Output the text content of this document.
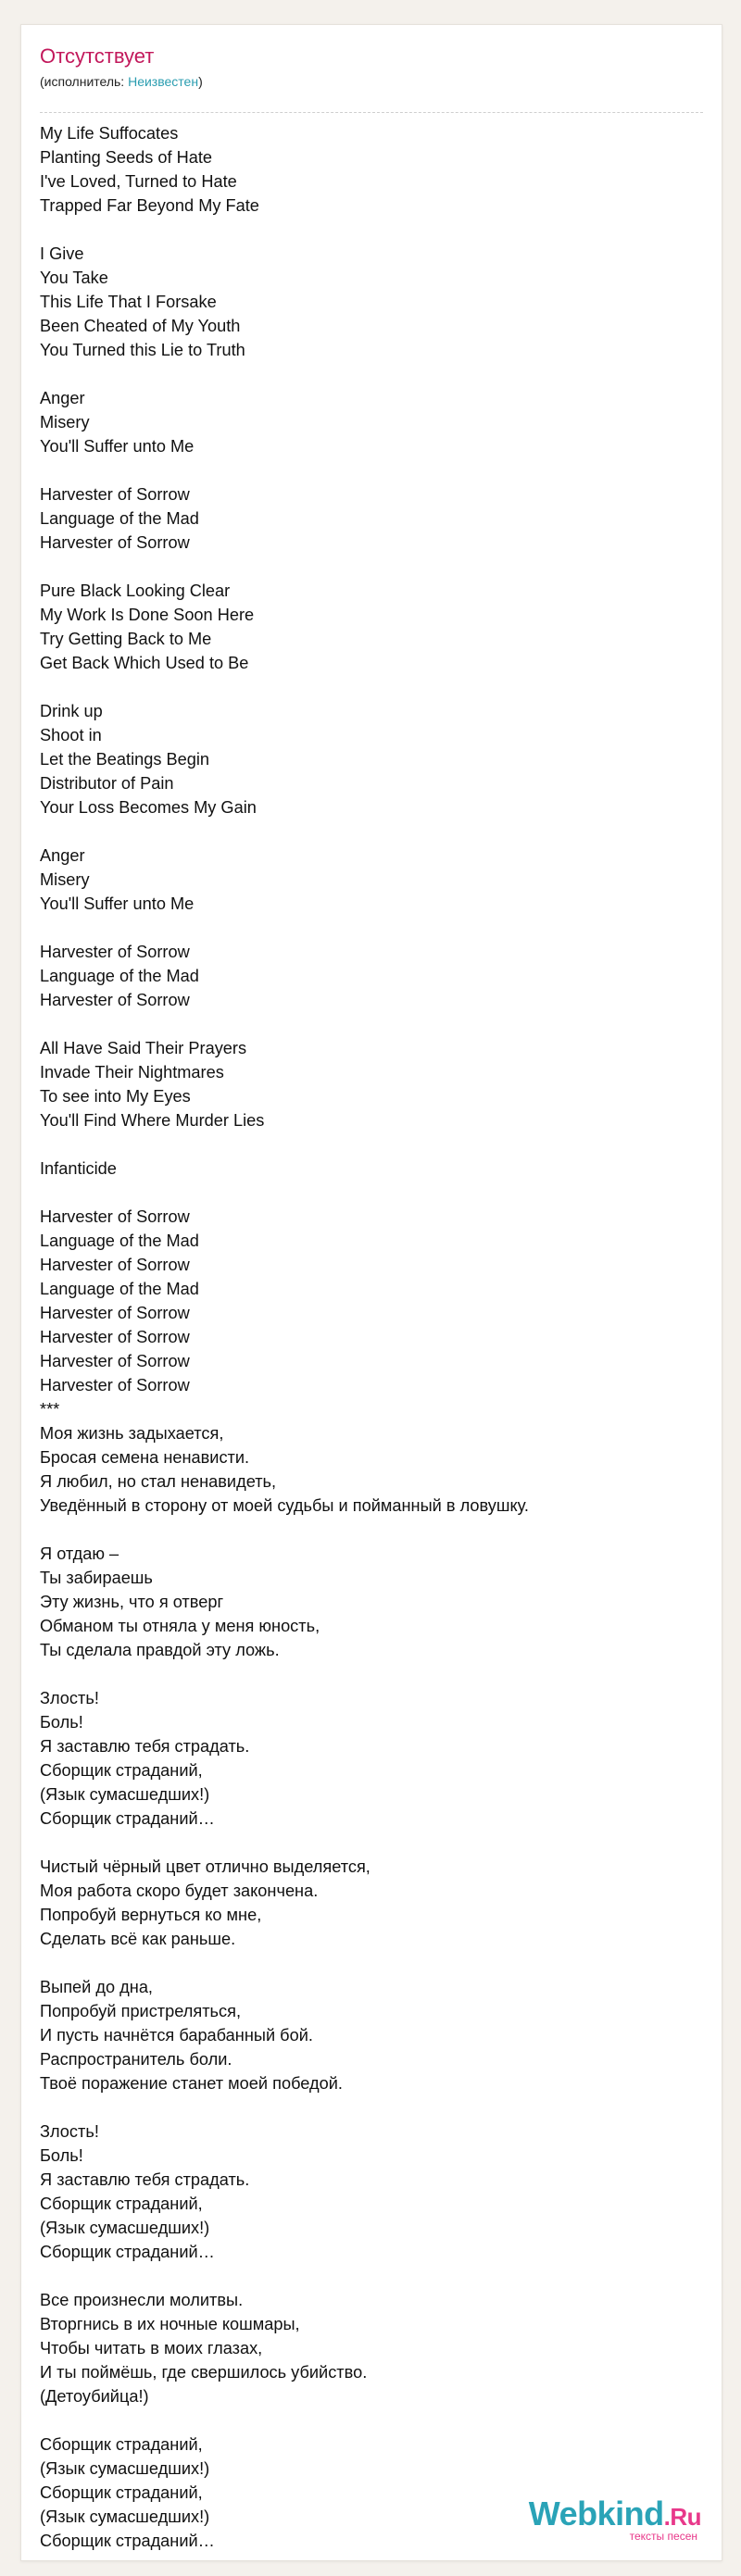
Отсутствует
(исполнитель: Неизвестен)
My Life Suffocates
Planting Seeds of Hate
I've Loved, Turned to Hate
Trapped Far Beyond My Fate
I Give
You Take
This Life That I Forsake
Been Cheated of My Youth
You Turned this Lie to Truth
Anger
Misery
You'll Suffer unto Me
Harvester of Sorrow
Language of the Mad
Harvester of Sorrow
Pure Black Looking Clear
My Work Is Done Soon Here
Try Getting Back to Me
Get Back Which Used to Be
Drink up
Shoot in
Let the Beatings Begin
Distributor of Pain
Your Loss Becomes My Gain
Anger
Misery
You'll Suffer unto Me
Harvester of Sorrow
Language of the Mad
Harvester of Sorrow
All Have Said Their Prayers
Invade Their Nightmares
To see into My Eyes
You'll Find Where Murder Lies
Infanticide
Harvester of Sorrow
Language of the Mad
Harvester of Sorrow
Language of the Mad
Harvester of Sorrow
Harvester of Sorrow
Harvester of Sorrow
Harvester of Sorrow
***
Моя жизнь задыхается,
Бросая семена ненависти.
Я любил, но стал ненавидеть,
Уведённый в сторону от моей судьбы и пойманный в ловушку.
Я отдаю –
Ты забираешь
Эту жизнь, что я отверг
Обманом ты отняла у меня юность,
Ты сделала правдой эту ложь.
Злость!
Боль!
Я заставлю тебя страдать.
Сборщик страданий,
(Язык сумасшедших!)
Сборщик страданий…
Чистый чёрный цвет отлично выделяется,
Моя работа скоро будет закончена.
Попробуй вернуться ко мне,
Сделать всё как раньше.
Выпей до дна,
Попробуй пристреляться,
И пусть начнётся барабанный бой.
Распространитель боли.
Твоё поражение станет моей победой.
Злость!
Боль!
Я заставлю тебя страдать.
Сборщик страданий,
(Язык сумасшедших!)
Сборщик страданий…
Все произнесли молитвы.
Вторгнись в их ночные кошмары,
Чтобы читать в моих глазах,
И ты поймёшь, где свершилось убийство.
(Детоубийца!)
Сборщик страданий,
(Язык сумасшедших!)
Сборщик страданий,
(Язык сумасшедших!)
Сборщик страданий…
Webkind.Ru
тексты песен
